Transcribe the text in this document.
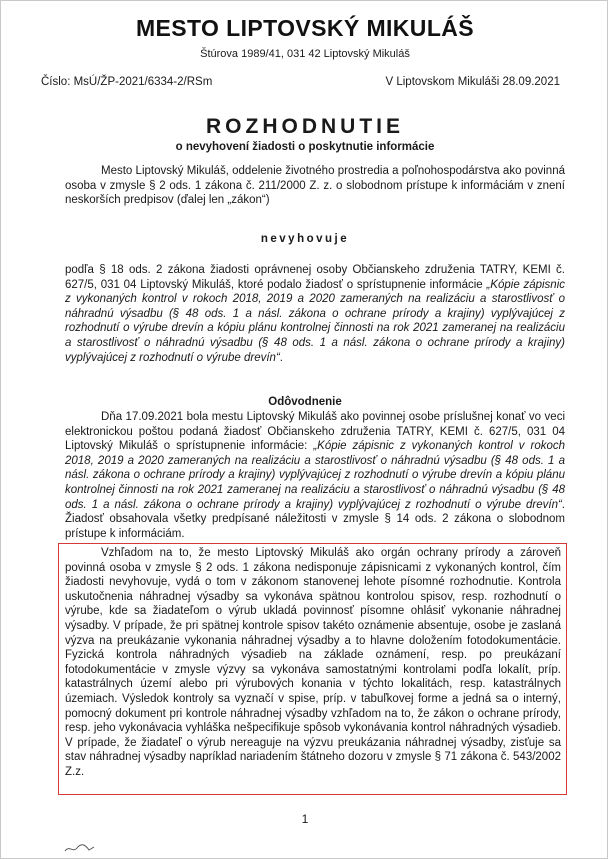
MESTO LIPTOVSKÝ MIKULÁŠ
Štúrova 1989/41, 031 42 Liptovský Mikuláš
Číslo: MsÚ/ŽP-2021/6334-2/RSm	V Liptovskom Mikuláši 28.09.2021
ROZHODNUTIE
o nevyhovení žiadosti o poskytnutie informácie

Mesto Liptovský Mikuláš, oddelenie životného prostredia a poľnohospodárstva ako povinná osoba v zmysle § 2 ods. 1 zákona č. 211/2000 Z. z. o slobodnom prístupe k informáciám v znení neskorších predpisov (ďalej len „zákon“)

nevyhovuje

podľa § 18 ods. 2 zákona žiadosti oprávnenej osoby Občianskeho združenia TATRY, KEMI č. 627/5, 031 04 Liptovský Mikuláš, ktoré podalo žiadosť o sprístupnenie informácie „Kópie zápisnic z vykonaných kontrol v rokoch 2018, 2019 a 2020 zameraných na realizáciu a starostlivosť o náhradnú výsadbu (§ 48 ods. 1 a násl. zákona o ochrane prírody a krajiny) vyplývajúcej z rozhodnutí o výrube drevín a kópiu plánu kontrolnej činnosti na rok 2021 zameranej na realizáciu a starostlivosť o náhradnú výsadbu (§ 48 ods. 1 a násl. zákona o ochrane prírody a krajiny) vyplývajúcej z rozhodnutí o výrube drevín“.

Odôvodnenie

Dňa 17.09.2021 bola mestu Liptovský Mikuláš ako povinnej osobe príslušnej konať vo veci elektronickou poštou podaná žiadosť Občianskeho združenia TATRY, KEMI č. 627/5, 031 04 Liptovský Mikuláš o sprístupnenie informácie: „Kópie zápisnic z vykonaných kontrol v rokoch 2018, 2019 a 2020 zameraných na realizáciu a starostlivosť o náhradnú výsadbu (§ 48 ods. 1 a násl. zákona o ochrane prírody a krajiny) vyplývajúcej z rozhodnutí o výrube drevín a kópiu plánu kontrolnej činnosti na rok 2021 zameranej na realizáciu a starostlivosť o náhradnú výsadbu (§ 48 ods. 1 a násl. zákona o ochrane prírody a krajiny) vyplývajúcej z rozhodnutí o výrube drevín“. Žiadosť obsahovala všetky predpísané náležitosti v zmysle § 14 ods. 2 zákona o slobodnom prístupe k informáciám.

Vzhľadom na to, že mesto Liptovský Mikuláš ako orgán ochrany prírody a zároveň povinná osoba v zmysle § 2 ods. 1 zákona nedisponuje zápisnicami z vykonaných kontrol, čím žiadosti nevyhovuje, vydá o tom v zákonom stanovenej lehote písomné rozhodnutie. Kontrola uskutočnenia náhradnej výsadby sa vykonáva spätnou kontrolou spisov, resp. rozhodnutí o výrube, kde sa žiadateľom o výrub ukladá povinnosť písomne ohlásiť vykonanie náhradnej výsadby. V prípade, že pri spätnej kontrole spisov takéto oznámenie absentuje, osobe je zaslaná výzva na preukázanie vykonania náhradnej výsadby a to hlavne doložením fotodokumentácie. Fyzická kontrola náhradných výsadieb na základe oznámení, resp. po preukázaní fotodokumentácie v zmysle výzvy sa vykonáva samostatnými kontrolami podľa lokalít, príp. katastrálnych území alebo pri výrubových konania v týchto lokalitách, resp. katastrálnych územiach. Výsledok kontroly sa vyznačí v spise, príp. v tabuľkovej forme a jedná sa o interný, pomocný dokument pri kontrole náhradnej výsadby vzhľadom na to, že zákon o ochrane prírody, resp. jeho vykonávacia vyhláška nešpecifikuje spôsob vykonávania kontrol náhradných výsadieb. V prípade, že žiadateľ o výrub nereaguje na výzvu preukázania náhradnej výsadby, zisťuje sa stav náhradnej výsadby napríklad nariadením štátneho dozoru v zmysle § 71 zákona č. 543/2002 Z.z.

1
